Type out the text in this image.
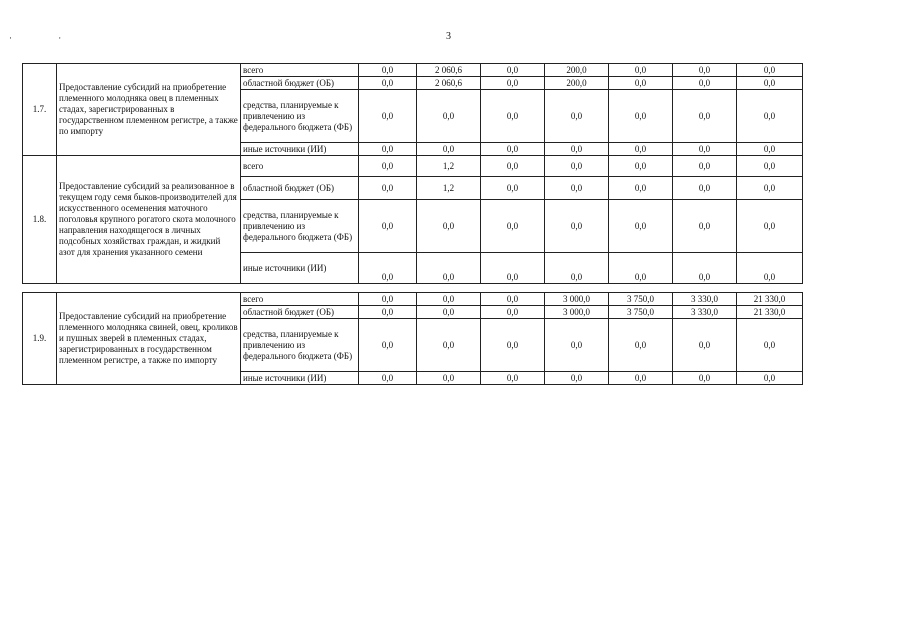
· ·	3
1.7.	Предоставление субсидий на приобретение племенного молодняка овец в племенных стадах, зарегистрированных в государственном племенном регистре, а также по импорту	всего	0,0	2 060,6	0,0	200,0	0,0	0,0	0,0
		областной бюджет (ОБ)	0,0	2 060,6	0,0	200,0	0,0	0,0	0,0
		средства, планируемые к привлечению из федерального бюджета (ФБ)	0,0	0,0	0,0	0,0	0,0	0,0	0,0
		иные источники (ИИ)	0,0	0,0	0,0	0,0	0,0	0,0	0,0
1.8.	Предоставление субсидий за реализованное в текущем году семя быков-производителей для искусственного осеменения маточного поголовья крупного рогатого скота молочного направления находящегося в личных подсобных хозяйствах граждан, и жидкий азот для хранения указанного семени	всего	0,0	1,2	0,0	0,0	0,0	0,0	0,0
		областной бюджет (ОБ)	0,0	1,2	0,0	0,0	0,0	0,0	0,0
		средства, планируемые к привлечению из федерального бюджета (ФБ)	0,0	0,0	0,0	0,0	0,0	0,0	0,0
		иные источники (ИИ)	0,0	0,0	0,0	0,0	0,0	0,0	0,0

1.9.	Предоставление субсидий на приобретение племенного молодняка свиней, овец, кроликов и пушных зверей в племенных стадах, зарегистрированных в государственном племенном регистре, а также по импорту	всего	0,0	0,0	0,0	3 000,0	3 750,0	3 330,0	21 330,0
		областной бюджет (ОБ)	0,0	0,0	0,0	3 000,0	3 750,0	3 330,0	21 330,0
		средства, планируемые к привлечению из федерального бюджета (ФБ)	0,0	0,0	0,0	0,0	0,0	0,0	0,0
		иные источники (ИИ)	0,0	0,0	0,0	0,0	0,0	0,0	0,0
